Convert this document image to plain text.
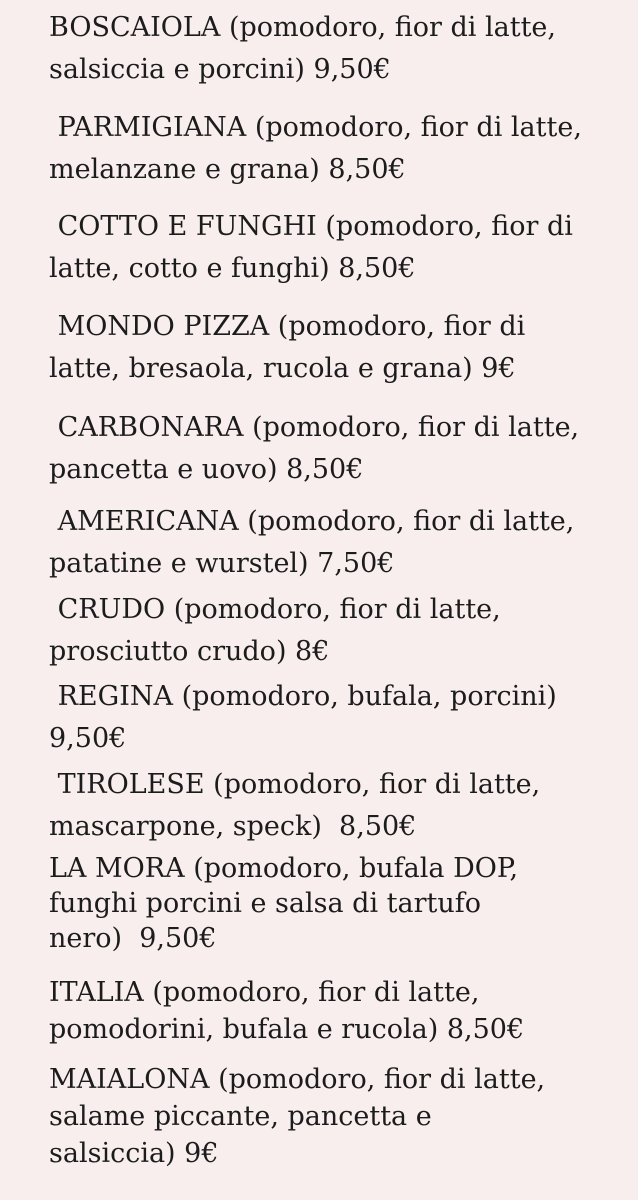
BOSCAIOLA (pomodoro, fior di latte,
salsiccia e porcini) 9,50€

PARMIGIANA (pomodoro, fior di latte,
melanzane e grana) 8,50€

COTTO E FUNGHI (pomodoro, fior di
latte, cotto e funghi) 8,50€

MONDO PIZZA (pomodoro, fior di
latte, bresaola, rucola e grana) 9€

CARBONARA (pomodoro, fior di latte,
pancetta e uovo) 8,50€

AMERICANA (pomodoro, fior di latte,
patatine e wurstel) 7,50€

CRUDO (pomodoro, fior di latte,
prosciutto crudo) 8€

REGINA (pomodoro, bufala, porcini)
9,50€

TIROLESE (pomodoro, fior di latte,
mascarpone, speck)  8,50€

LA MORA (pomodoro, bufala DOP,
funghi porcini e salsa di tartufo
nero)  9,50€

ITALIA (pomodoro, fior di latte,
pomodorini, bufala e rucola) 8,50€

MAIALONA (pomodoro, fior di latte,
salame piccante, pancetta e
salsiccia) 9€
